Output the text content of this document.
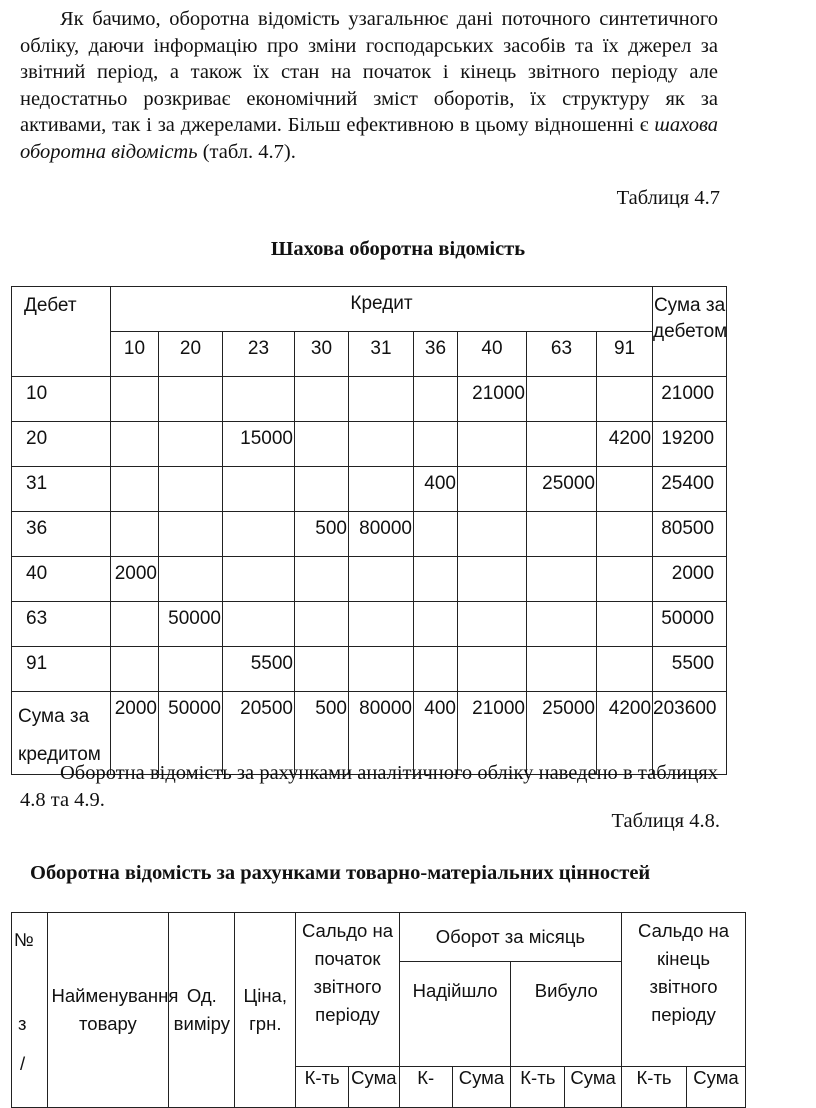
Як бачимо, оборотна відомість узагальнює дані поточного синтетичного обліку, даючи інформацію про зміни господарських засобів та їх джерел за звітний період, а також їх стан на початок і кінець звітного періоду але недостатньо розкриває економічний зміст оборотів, їх структуру як за активами, так і за джерелами. Більш ефективною в цьому відношенні є шахова оборотна відомість (табл. 4.7).

Таблиця 4.7
Шахова оборотна відомість
Дебет	Кредит									Сума за дебетом
	10	20	23	30	31	36	40	63	91	
10							21000			21000
20			15000						4200	19200
31						400		25000		25400
36				500	80000					80500
40	2000									2000
63		50000								50000
91			5500							5500
Сума за кредитом	2000	50000	20500	500	80000	400	21000	25000	4200	203600

Оборотна відомість за рахунками аналітичного обліку наведено в таблицях 4.8 та 4.9.

Таблиця 4.8.
Оборотна відомість за рахунками товарно-матеріальних цінностей
№
з
/	Найменування товару	Од. виміру	Ціна, грн.	Сальдо на початок звітного періоду		Оборот за місяць				Сальдо на кінець звітного періоду	
						Надійшло		Вибуло			
				К-ть	Сума	К-	Сума	К-ть	Сума	К-ть	Сума
